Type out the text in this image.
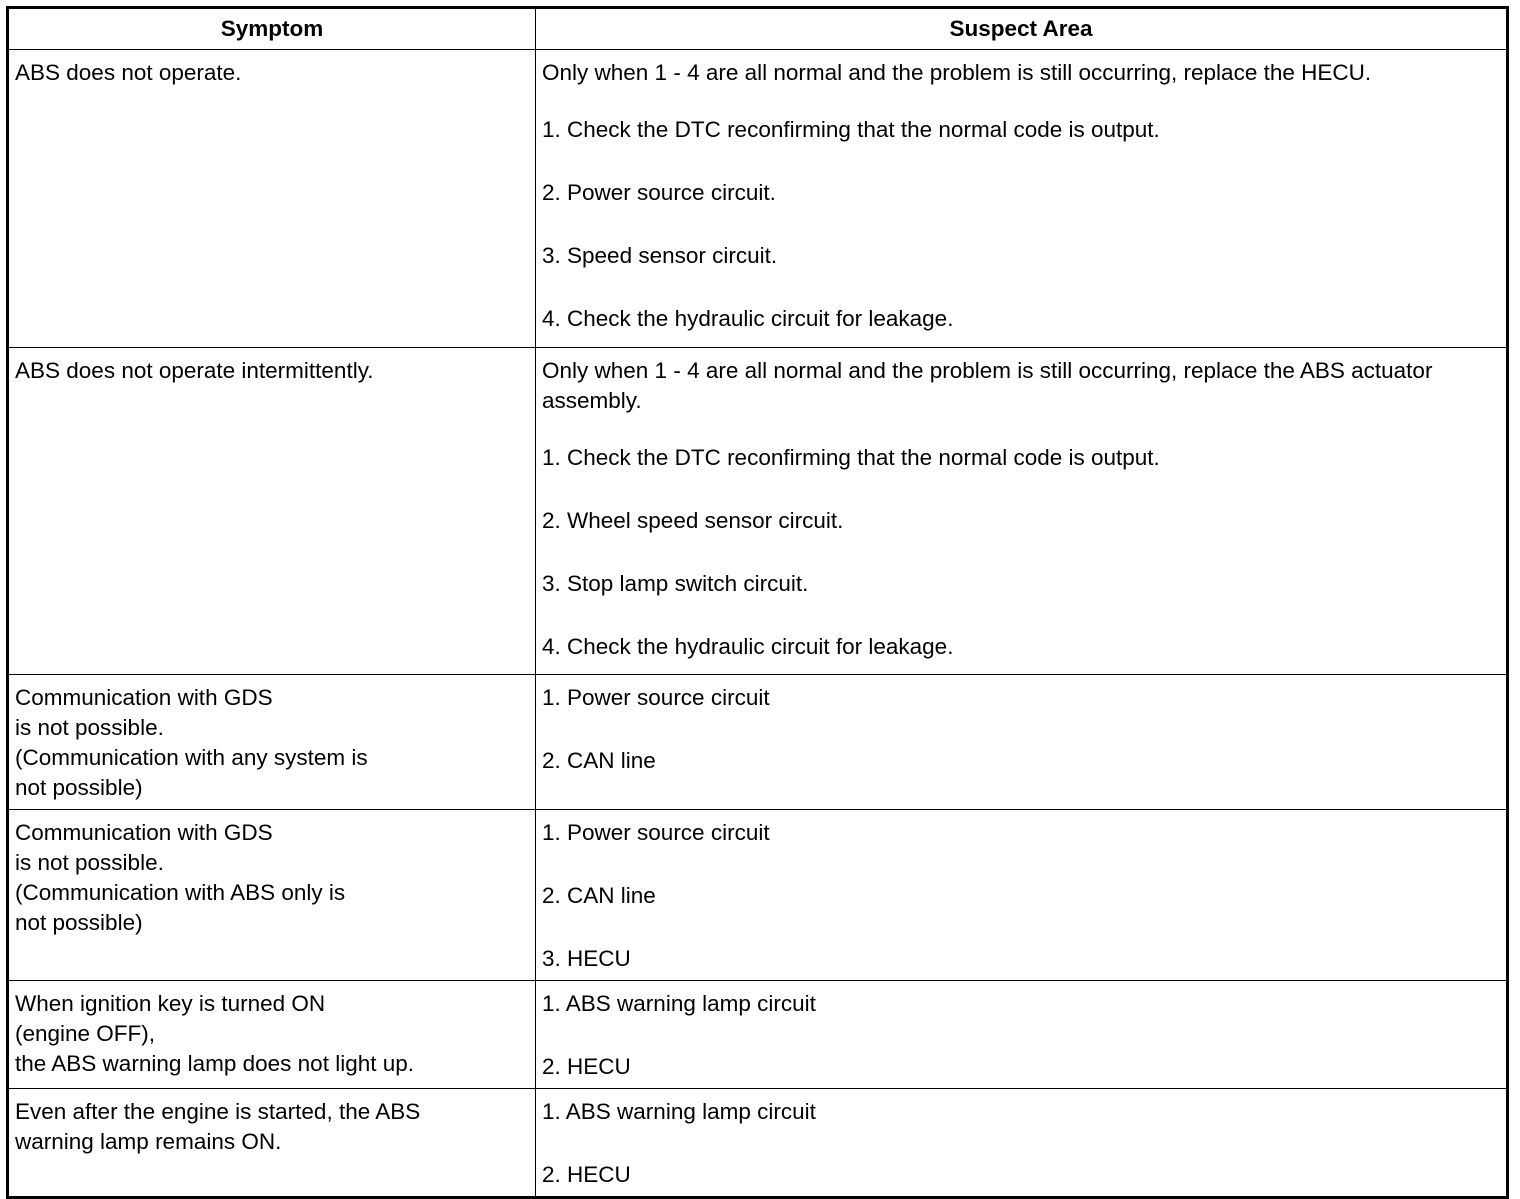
Symptom	Suspect Area

ABS does not operate.	Only when 1 - 4 are all normal and the problem is still occurring, replace the HECU.
1. Check the DTC reconfirming that the normal code is output.
2. Power source circuit.
3. Speed sensor circuit.
4. Check the hydraulic circuit for leakage.

ABS does not operate intermittently.	Only when 1 - 4 are all normal and the problem is still occurring, replace the ABS actuator assembly.
1. Check the DTC reconfirming that the normal code is output.
2. Wheel speed sensor circuit.
3. Stop lamp switch circuit.
4. Check the hydraulic circuit for leakage.

Communication with GDS
is not possible.
(Communication with any system is
not possible)	1. Power source circuit
2. CAN line

Communication with GDS
is not possible.
(Communication with ABS only is
not possible)	1. Power source circuit
2. CAN line
3. HECU

When ignition key is turned ON
(engine OFF),
the ABS warning lamp does not light up.	1. ABS warning lamp circuit
2. HECU

Even after the engine is started, the ABS
warning lamp remains ON.	1. ABS warning lamp circuit
2. HECU
